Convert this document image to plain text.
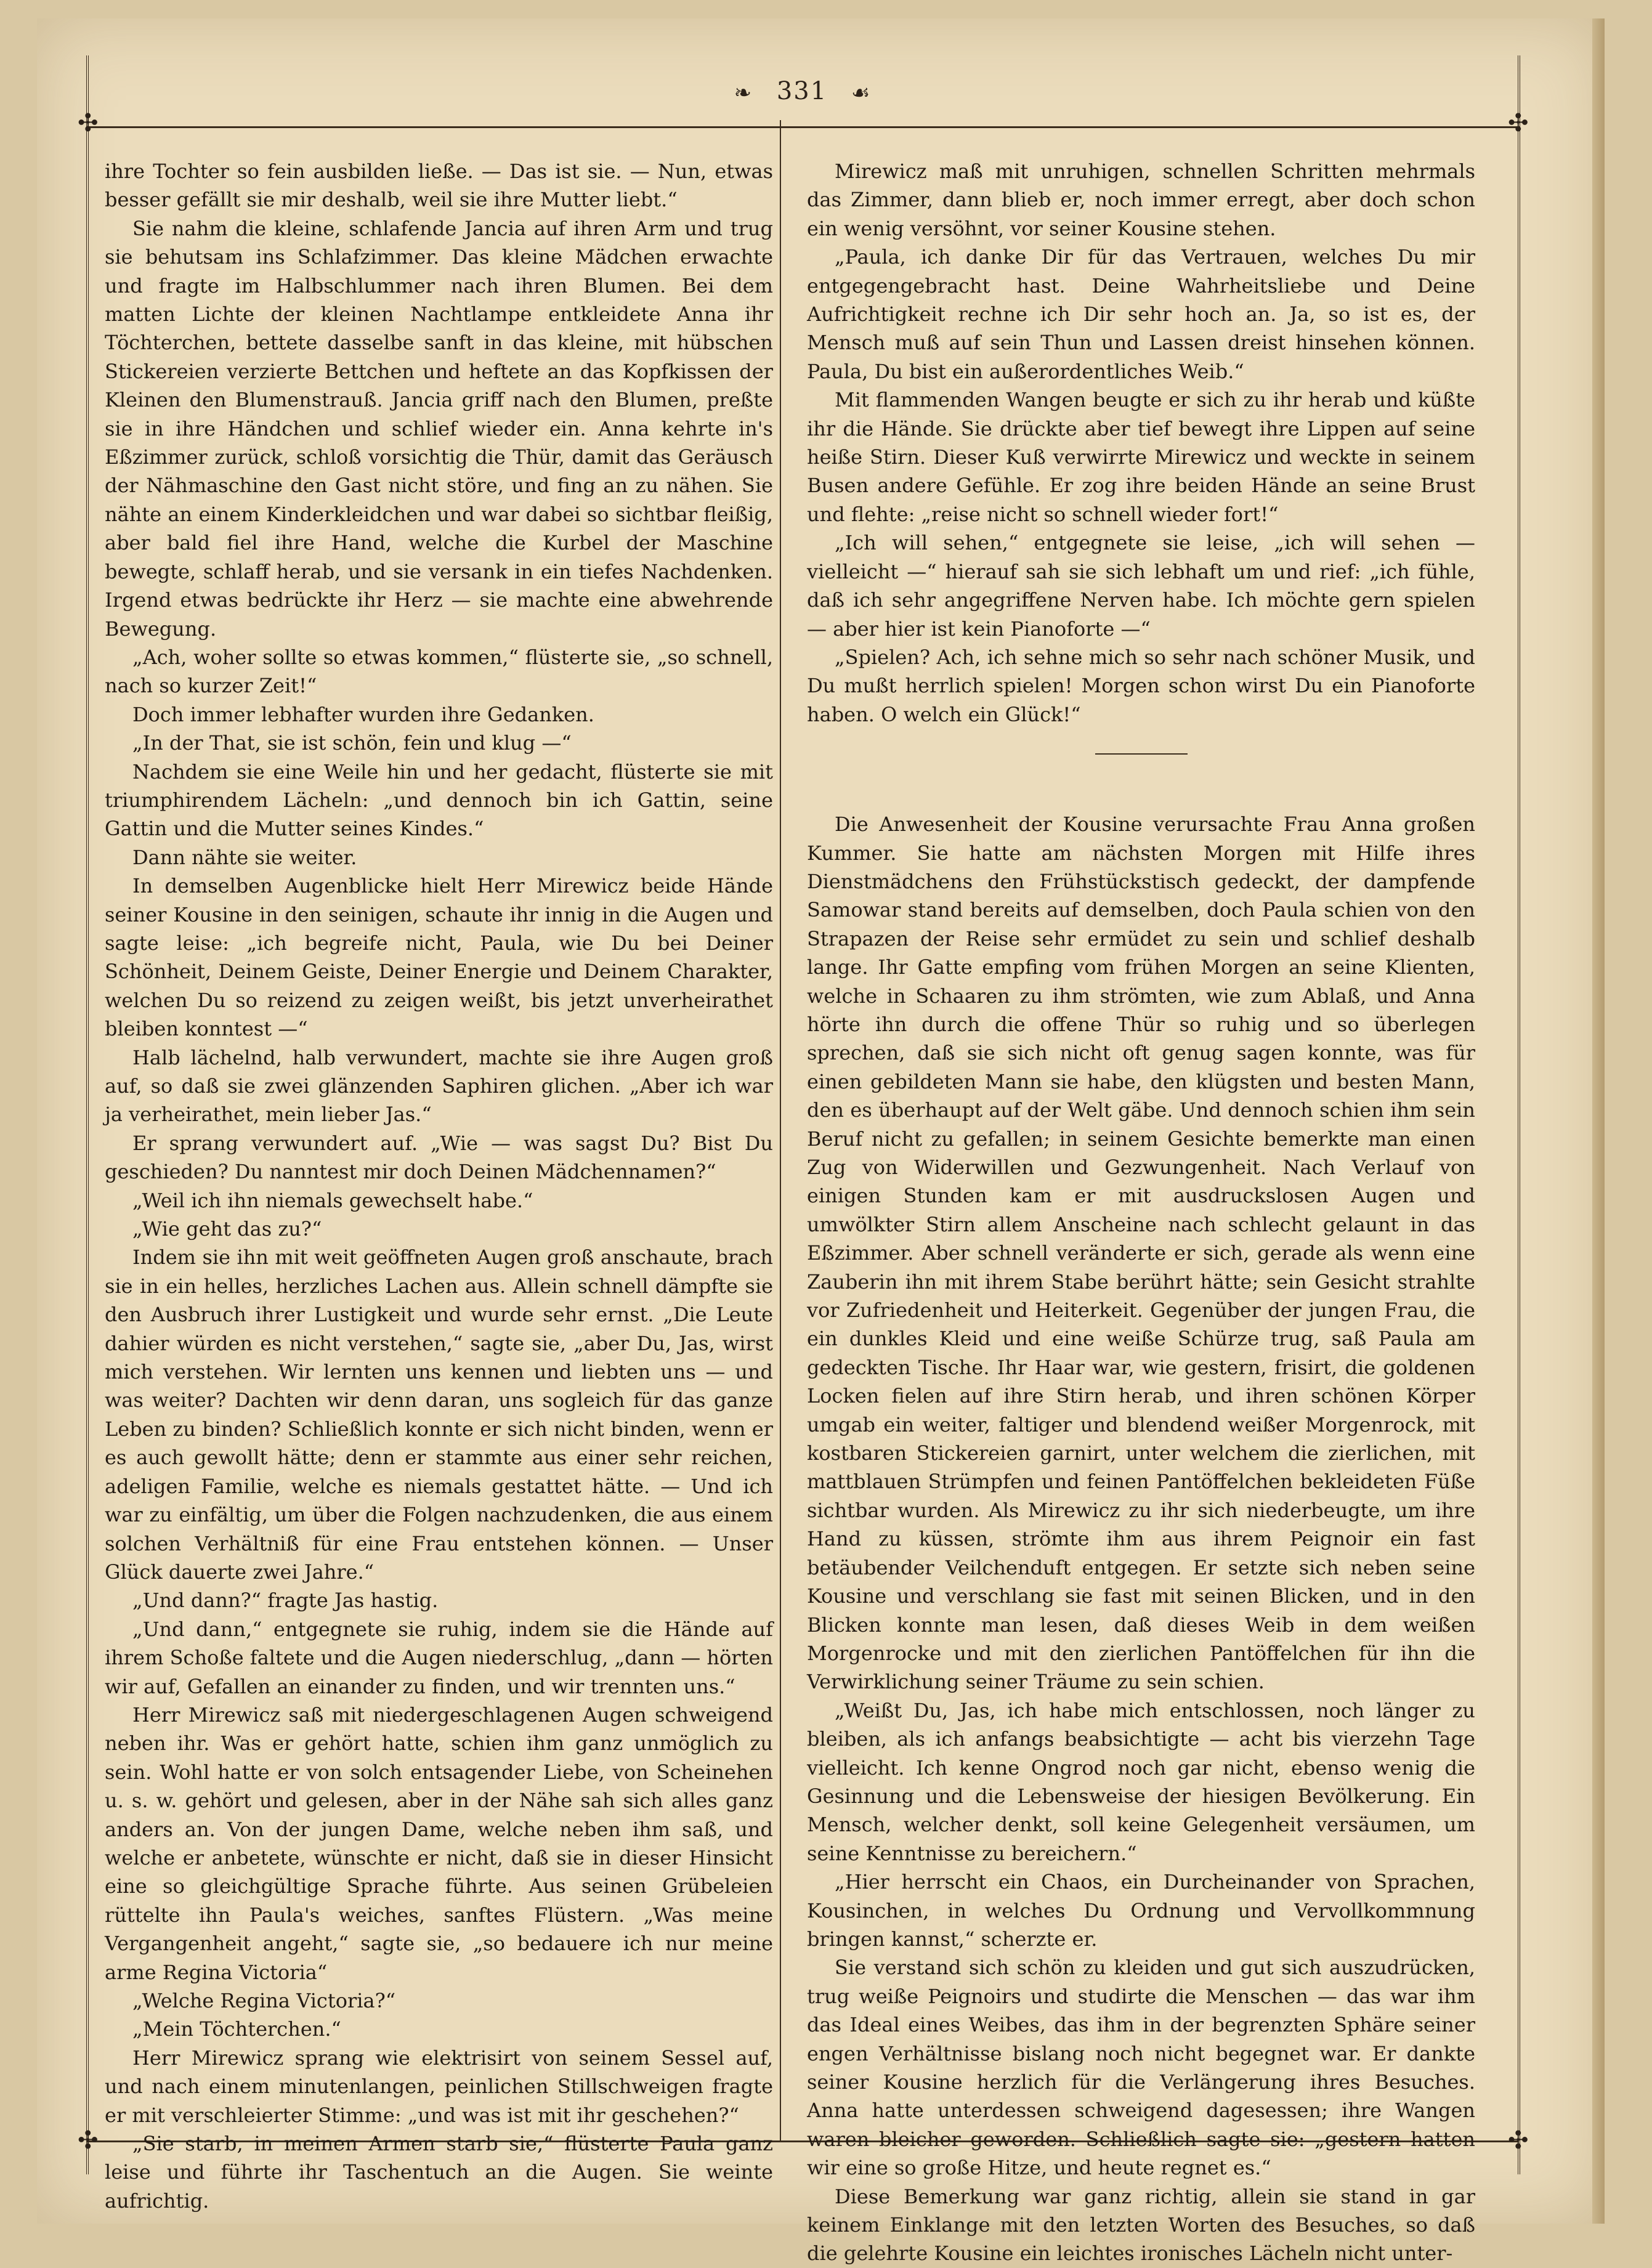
❧ 331 ☙
✣	✣
✣	✣

ihre Tochter so fein ausbilden ließe. — Das ist sie. — Nun, etwas besser gefällt sie mir deshalb, weil sie ihre Mutter liebt.“

Sie nahm die kleine, schlafende Jancia auf ihren Arm und trug sie behutsam ins Schlafzimmer. Das kleine Mädchen erwachte und fragte im Halbschlummer nach ihren Blumen. Bei dem matten Lichte der kleinen Nachtlampe entkleidete Anna ihr Töchterchen, bettete dasselbe sanft in das kleine, mit hübschen Stickereien verzierte Bettchen und heftete an das Kopfkissen der Kleinen den Blumenstrauß. Jancia griff nach den Blumen, preßte sie in ihre Händchen und schlief wieder ein. Anna kehrte in's Eßzimmer zurück, schloß vorsichtig die Thür, damit das Geräusch der Nähmaschine den Gast nicht störe, und fing an zu nähen. Sie nähte an einem Kinderkleidchen und war dabei so sichtbar fleißig, aber bald fiel ihre Hand, welche die Kurbel der Maschine bewegte, schlaff herab, und sie versank in ein tiefes Nachdenken. Irgend etwas bedrückte ihr Herz — sie machte eine abwehrende Bewegung.

„Ach, woher sollte so etwas kommen,“ flüsterte sie, „so schnell, nach so kurzer Zeit!“

Doch immer lebhafter wurden ihre Gedanken.

„In der That, sie ist schön, fein und klug —“

Nachdem sie eine Weile hin und her gedacht, flüsterte sie mit triumphirendem Lächeln: „und dennoch bin ich Gattin, seine Gattin und die Mutter seines Kindes.“

Dann nähte sie weiter.

In demselben Augenblicke hielt Herr Mirewicz beide Hände seiner Kousine in den seinigen, schaute ihr innig in die Augen und sagte leise: „ich begreife nicht, Paula, wie Du bei Deiner Schönheit, Deinem Geiste, Deiner Energie und Deinem Charakter, welchen Du so reizend zu zeigen weißt, bis jetzt unverheirathet bleiben konntest —“

Halb lächelnd, halb verwundert, machte sie ihre Augen groß auf, so daß sie zwei glänzenden Saphiren glichen. „Aber ich war ja verheirathet, mein lieber Jas.“

Er sprang verwundert auf. „Wie — was sagst Du? Bist Du geschieden? Du nanntest mir doch Deinen Mädchennamen?“

„Weil ich ihn niemals gewechselt habe.“

„Wie geht das zu?“

Indem sie ihn mit weit geöffneten Augen groß anschaute, brach sie in ein helles, herzliches Lachen aus. Allein schnell dämpfte sie den Ausbruch ihrer Lustigkeit und wurde sehr ernst. „Die Leute dahier würden es nicht verstehen,“ sagte sie, „aber Du, Jas, wirst mich verstehen. Wir lernten uns kennen und liebten uns — und was weiter? Dachten wir denn daran, uns sogleich für das ganze Leben zu binden? Schließlich konnte er sich nicht binden, wenn er es auch gewollt hätte; denn er stammte aus einer sehr reichen, adeligen Familie, welche es niemals gestattet hätte. — Und ich war zu einfältig, um über die Folgen nachzudenken, die aus einem solchen Verhältniß für eine Frau entstehen können. — Unser Glück dauerte zwei Jahre.“

„Und dann?“ fragte Jas hastig.

„Und dann,“ entgegnete sie ruhig, indem sie die Hände auf ihrem Schoße faltete und die Augen niederschlug, „dann — hörten wir auf, Gefallen an einander zu finden, und wir trennten uns.“

Herr Mirewicz saß mit niedergeschlagenen Augen schweigend neben ihr. Was er gehört hatte, schien ihm ganz unmöglich zu sein. Wohl hatte er von solch entsagender Liebe, von Scheinehen u. s. w. gehört und gelesen, aber in der Nähe sah sich alles ganz anders an. Von der jungen Dame, welche neben ihm saß, und welche er anbetete, wünschte er nicht, daß sie in dieser Hinsicht eine so gleichgültige Sprache führte. Aus seinen Grübeleien rüttelte ihn Paula's weiches, sanftes Flüstern. „Was meine Vergangenheit angeht,“ sagte sie, „so bedauere ich nur meine arme Regina Victoria“

„Welche Regina Victoria?“

„Mein Töchterchen.“

Herr Mirewicz sprang wie elektrisirt von seinem Sessel auf, und nach einem minutenlangen, peinlichen Stillschweigen fragte er mit verschleierter Stimme: „und was ist mit ihr geschehen?“

„Sie starb, in meinen Armen starb sie,“ flüsterte Paula ganz leise und führte ihr Taschentuch an die Augen. Sie weinte aufrichtig.

Mirewicz maß mit unruhigen, schnellen Schritten mehrmals das Zimmer, dann blieb er, noch immer erregt, aber doch schon ein wenig versöhnt, vor seiner Kousine stehen.

„Paula, ich danke Dir für das Vertrauen, welches Du mir entgegengebracht hast. Deine Wahrheitsliebe und Deine Aufrichtigkeit rechne ich Dir sehr hoch an. Ja, so ist es, der Mensch muß auf sein Thun und Lassen dreist hinsehen können. Paula, Du bist ein außerordentliches Weib.“

Mit flammenden Wangen beugte er sich zu ihr herab und küßte ihr die Hände. Sie drückte aber tief bewegt ihre Lippen auf seine heiße Stirn. Dieser Kuß verwirrte Mirewicz und weckte in seinem Busen andere Gefühle. Er zog ihre beiden Hände an seine Brust und flehte: „reise nicht so schnell wieder fort!“

„Ich will sehen,“ entgegnete sie leise, „ich will sehen — vielleicht —“ hierauf sah sie sich lebhaft um und rief: „ich fühle, daß ich sehr angegriffene Nerven habe. Ich möchte gern spielen — aber hier ist kein Pianoforte —“

„Spielen? Ach, ich sehne mich so sehr nach schöner Musik, und Du mußt herrlich spielen! Morgen schon wirst Du ein Pianoforte haben. O welch ein Glück!“

Die Anwesenheit der Kousine verursachte Frau Anna großen Kummer. Sie hatte am nächsten Morgen mit Hilfe ihres Dienstmädchens den Frühstückstisch gedeckt, der dampfende Samowar stand bereits auf demselben, doch Paula schien von den Strapazen der Reise sehr ermüdet zu sein und schlief deshalb lange. Ihr Gatte empfing vom frühen Morgen an seine Klienten, welche in Schaaren zu ihm strömten, wie zum Ablaß, und Anna hörte ihn durch die offene Thür so ruhig und so überlegen sprechen, daß sie sich nicht oft genug sagen konnte, was für einen gebildeten Mann sie habe, den klügsten und besten Mann, den es überhaupt auf der Welt gäbe. Und dennoch schien ihm sein Beruf nicht zu gefallen; in seinem Gesichte bemerkte man einen Zug von Widerwillen und Gezwungenheit. Nach Verlauf von einigen Stunden kam er mit ausdruckslosen Augen und umwölkter Stirn allem Anscheine nach schlecht gelaunt in das Eßzimmer. Aber schnell veränderte er sich, gerade als wenn eine Zauberin ihn mit ihrem Stabe berührt hätte; sein Gesicht strahlte vor Zufriedenheit und Heiterkeit. Gegenüber der jungen Frau, die ein dunkles Kleid und eine weiße Schürze trug, saß Paula am gedeckten Tische. Ihr Haar war, wie gestern, frisirt, die goldenen Locken fielen auf ihre Stirn herab, und ihren schönen Körper umgab ein weiter, faltiger und blendend weißer Morgenrock, mit kostbaren Stickereien garnirt, unter welchem die zierlichen, mit mattblauen Strümpfen und feinen Pantöffelchen bekleideten Füße sichtbar wurden. Als Mirewicz zu ihr sich niederbeugte, um ihre Hand zu küssen, strömte ihm aus ihrem Peignoir ein fast betäubender Veilchenduft entgegen. Er setzte sich neben seine Kousine und verschlang sie fast mit seinen Blicken, und in den Blicken konnte man lesen, daß dieses Weib in dem weißen Morgenrocke und mit den zierlichen Pantöffelchen für ihn die Verwirklichung seiner Träume zu sein schien.

„Weißt Du, Jas, ich habe mich entschlossen, noch länger zu bleiben, als ich anfangs beabsichtigte — acht bis vierzehn Tage vielleicht. Ich kenne Ongrod noch gar nicht, ebenso wenig die Gesinnung und die Lebensweise der hiesigen Bevölkerung. Ein Mensch, welcher denkt, soll keine Gelegenheit versäumen, um seine Kenntnisse zu bereichern.“

„Hier herrscht ein Chaos, ein Durcheinander von Sprachen, Kousinchen, in welches Du Ordnung und Vervollkommnung bringen kannst,“ scherzte er.

Sie verstand sich schön zu kleiden und gut sich auszudrücken, trug weiße Peignoirs und studirte die Menschen — das war ihm das Ideal eines Weibes, das ihm in der begrenzten Sphäre seiner engen Verhältnisse bislang noch nicht begegnet war. Er dankte seiner Kousine herzlich für die Verlängerung ihres Besuches. Anna hatte unterdessen schweigend dagesessen; ihre Wangen waren bleicher geworden. Schließlich sagte sie: „gestern hatten wir eine so große Hitze, und heute regnet es.“

Diese Bemerkung war ganz richtig, allein sie stand in gar keinem Einklange mit den letzten Worten des Besuches, so daß die gelehrte Kousine ein leichtes ironisches Lächeln nicht unter-
